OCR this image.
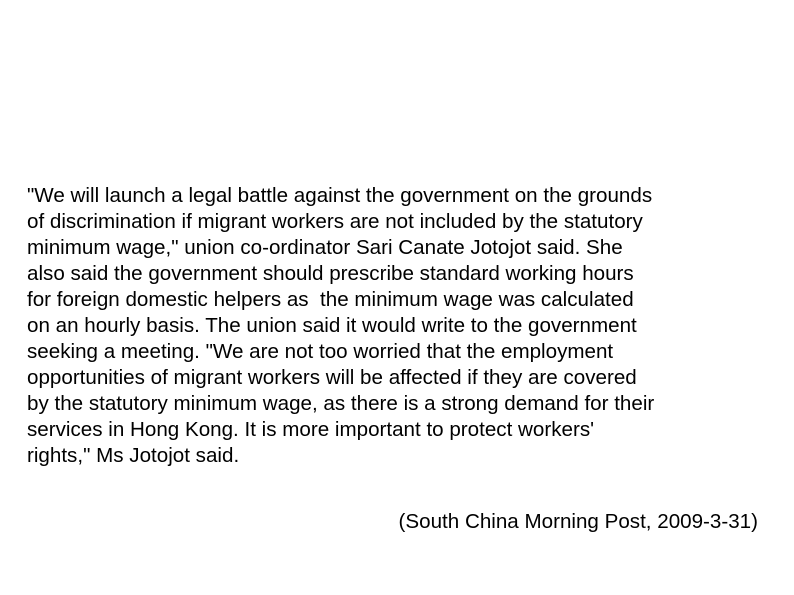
"We will launch a legal battle against the government on the grounds
of discrimination if migrant workers are not included by the statutory
minimum wage," union co-ordinator Sari Canate Jotojot said. She
also said the government should prescribe standard working hours
for foreign domestic helpers as  the minimum wage was calculated
on an hourly basis. The union said it would write to the government
seeking a meeting. "We are not too worried that the employment
opportunities of migrant workers will be affected if they are covered
by the statutory minimum wage, as there is a strong demand for their
services in Hong Kong. It is more important to protect workers'
rights," Ms Jotojot said.

(South China Morning Post, 2009-3-31)
